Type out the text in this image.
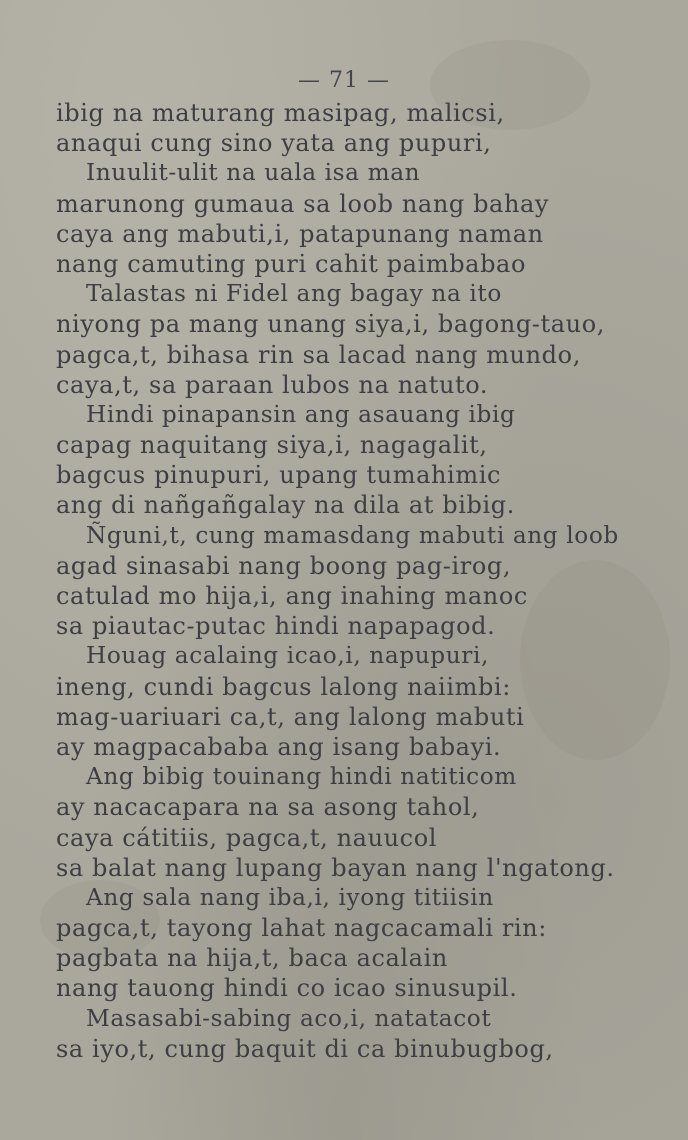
— 71 —
ibig na maturang masipag, malicsi,
anaqui cung sino yata ang pupuri,
Inuulit-ulit na uala isa man
marunong gumaua sa loob nang bahay
caya ang mabuti,i, patapunang naman
nang camuting puri cahit paimbabao
Talastas ni Fidel ang bagay na ito
niyong pa mang unang siya,i, bagong-tauo,
pagca,t, bihasa rin sa lacad nang mundo,
caya,t, sa paraan lubos na natuto.
Hindi pinapansin ang asauang ibig
capag naquitang siya,i, nagagalit,
bagcus pinupuri, upang tumahimic
ang di nañgañgalay na dila at bibig.
Ñguni,t, cung mamasdang mabuti ang loob
agad sinasabi nang boong pag-irog,
catulad mo hija,i, ang inahing manoc
sa piautac-putac hindi napapagod.
Houag acalaing icao,i, napupuri,
ineng, cundi bagcus lalong naiimbi:
mag-uariuari ca,t, ang lalong mabuti
ay magpacababa ang isang babayi.
Ang bibig touinang hindi natiticom
ay nacacapara na sa asong tahol,
caya cátitiis, pagca,t, nauucol
sa balat nang lupang bayan nang l'ngatong.
Ang sala nang iba,i, iyong titiisin
pagca,t, tayong lahat nagcacamali rin:
pagbata na hija,t, baca acalain
nang tauong hindi co icao sinusupil.
Masasabi-sabing aco,i, natatacot
sa iyo,t, cung baquit di ca binubugbog,
